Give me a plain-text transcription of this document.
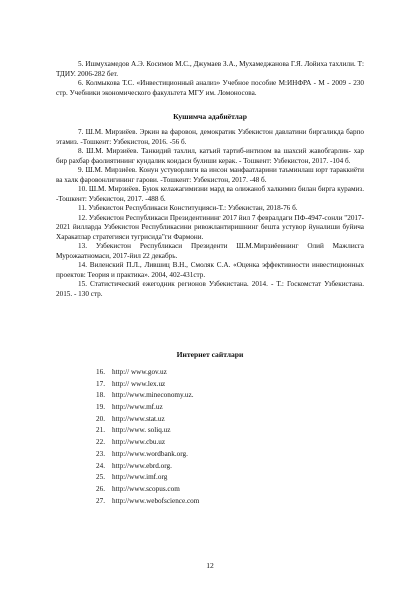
5. Ишмухамедов А.Э. Косимов М.С., Джумаев З.А., Мухамеджанова Г.Я. Лойиха тахлили. Т: ТДИУ. 2006-282 бет.

6. Колмыкова Т.С. «Инвестиционный анализ» Учебное пособие М:ИНФРА - М - 2009 - 230 стр. Учебники экономического факультета МГУ им. Ломоносова.

Кушимча адабиётлар

7. Ш.М. Мирзиёев. Эркин ва фаровон, демократик Узбекистон давлатини биргаликда барпо этамиз. -Тошкент: Узбекистон, 2016. -56 б.

8. Ш.М. Мирзиёев. Танкидий тахлил, катъий тартиб-интизом ва шахсий жавобгарлик- хар бир рахбар фаолиятининг кундалик коидаси булиши керак. - Тошкент: Узбекистон, 2017. -104 б.

9. Ш.М. Мирзиёев. Конун устуворлиги ва инсон манфаатларини таъминлаш юрт тараккиёти ва халк фаровонлигининг гарови. -Тошкент: Узбекистон, 2017. -48 б.

10. Ш.М. Мирзиёев. Буюк келажагимизни мард ва олижаноб халкимиз билан бирга курамиз. -Тошкент: Узбекистон, 2017. -488 б.

11. Узбекистон Республикаси Конституцияси-Т.: Узбекистан, 2018-76 б.

12. Узбекистон Республикаси Президентининг 2017 йил 7 февралдаги ПФ-4947-сонли "2017-2021 йилларда Узбекистон Республикасини ривожлантиришнинг бешта устувор йуналиши буйича Харакатлар стратегияси тугрисида"ги Фармони.

13. Узбекистон Республикаси Президенти Ш.М.Мирзиёевнинг Олий Мажлисга Мурожаатномаси, 2017-йил 22 декабрь.

14. Виленский П.Л., Лившиц В.Н., Смоляк С.А. «Оценка эффективности инвестиционных проектов: Теория и практика». 2004, 402-431стр.

15. Статистический ежегодник регионов Узбекистана. 2014. - Т.: Госкомстат Узбекистана. 2015. - 130 стр.

Интернет сайтлари
16. http:// www.gov.uz
17. http:// www.lex.uz
18. http://www.mineconomy.uz.
19. http://www.mf.uz
20. http://www.stat.uz
21. http://www. soliq.uz
22. http://www.cbu.uz
23. http://www.wordbank.org.
24. http://www.ebrd.org.
25. http://www.imf.org
26. http://www.scopus.com
27. http://www.webofscience.com
12
